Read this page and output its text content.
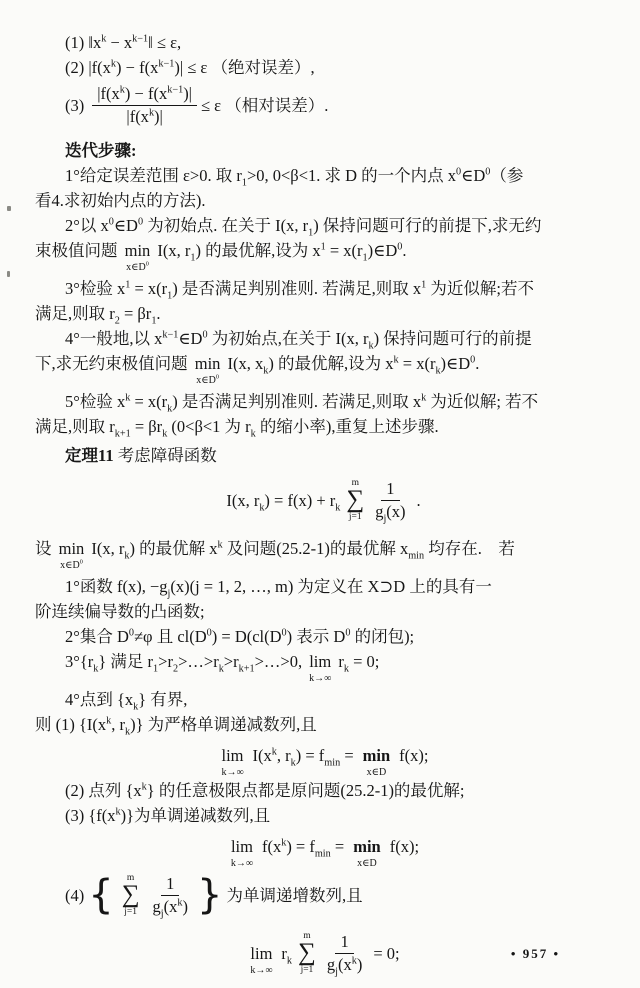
(1) $‖x^k$ − $x^{k-1}‖ \le \varepsilon$,
(2) $|f(x^k) - f(x^{k-1})| \le \varepsilon$ （绝对误差）,
$(3) \frac{|f(x^k) - f(x^{k-1})|}{|f(x^k)|} \le \varepsilon$ （相对误差）.
迭代步骤:
1°给定误差范围 ε>0. 取 $r_1>0$, 0<β<1. 求 D 的一个内点 $x^0\in D^0$（参
看4.求初始内点的方法).
2°以 $x^0\in D^0$ 为初始点. 在关于 I(x, $r_1$) 保持问题可行的前提下,求无约
束极值问题 min
$x\in D^0$
I(x, $r_1$) 的最优解,设为 $x^1$ = $x(r_1)\in D^0$.
3°检验 $x^1 = x(r_1)$ 是否满足判别准则. 若满足,则取 $x^1$ 为近似解;若不
满足,则取 $r_2 = \beta r_1$.
4°一般地,以 $x^{k-1}\in D^0$ 为初始点,在关于 I(x, $r_k$) 保持问题可行的前提
下,求无约束极值问题 min
$x\in D^0$
I(x, $x_k$) 的最优解,设为 $x^k$ = $x(r_k)\in D^0$.
5°检验 $x^k = x(r_k)$ 是否满足判别准则. 若满足,则取 $x^k$ 为近似解; 若不
满足,则取 $r_{k+1} = \beta r_k$ (0<β<1 为 $r_k$ 的缩小率),重复上述步骤.
定理11 考虑障碍函数
I(x, $r_k) = f(x) + r_k$
m
∑
$j=1 \frac{1}{g_j(x)}$ .
设 min
$x\in D^0$
I(x, $r_k$) 的最优解 $x^k$ 及问题(25.2-1)的最优解 $x_{min}$ 均存在.　若
1°函数 f(x), $-g_j(x)(j = 1$, 2, …, m) 为定义在 X⊃D 上的具有一
阶连续偏导数的凸函数;
2°集合 $D^0\ne\varphi$ 且 $cl(D^0) = D(cl(D^0)$ 表示 $D^0$ 的闭包);
$3^\circ\{r_k\}$ 满足 $r_1>r_2>\dots>r_k>r_{k+1}>\dots>0$, lim
k→∞
$r_k = 0$;
4°点到 $\{x_k\}$ 有界,
则 (1) {$I(x^k$, $r_k$)} 为严格单调递减数列,且
lim
k→∞
$I(x^k$, $r_k) = f_{min} = \min$
x∈D
f(x);
(2) 点列 $\{x^k\}$ 的任意极限点都是原问题(25.2-1)的最优解;
(3) $\{f(x^k)\}$为单调递减数列,且
lim
k→∞
$f(x^k) = f_{min} = \min$
x∈D
f(x);
(4) { m
∑
$j=1 \frac{1}{g_j(x^k)}$ } 为单调递增数列,且
lim
k→∞
$r_k$
m
∑
$j=1 \frac{1}{g_j(x^k)} = 0$;	• 957 •
